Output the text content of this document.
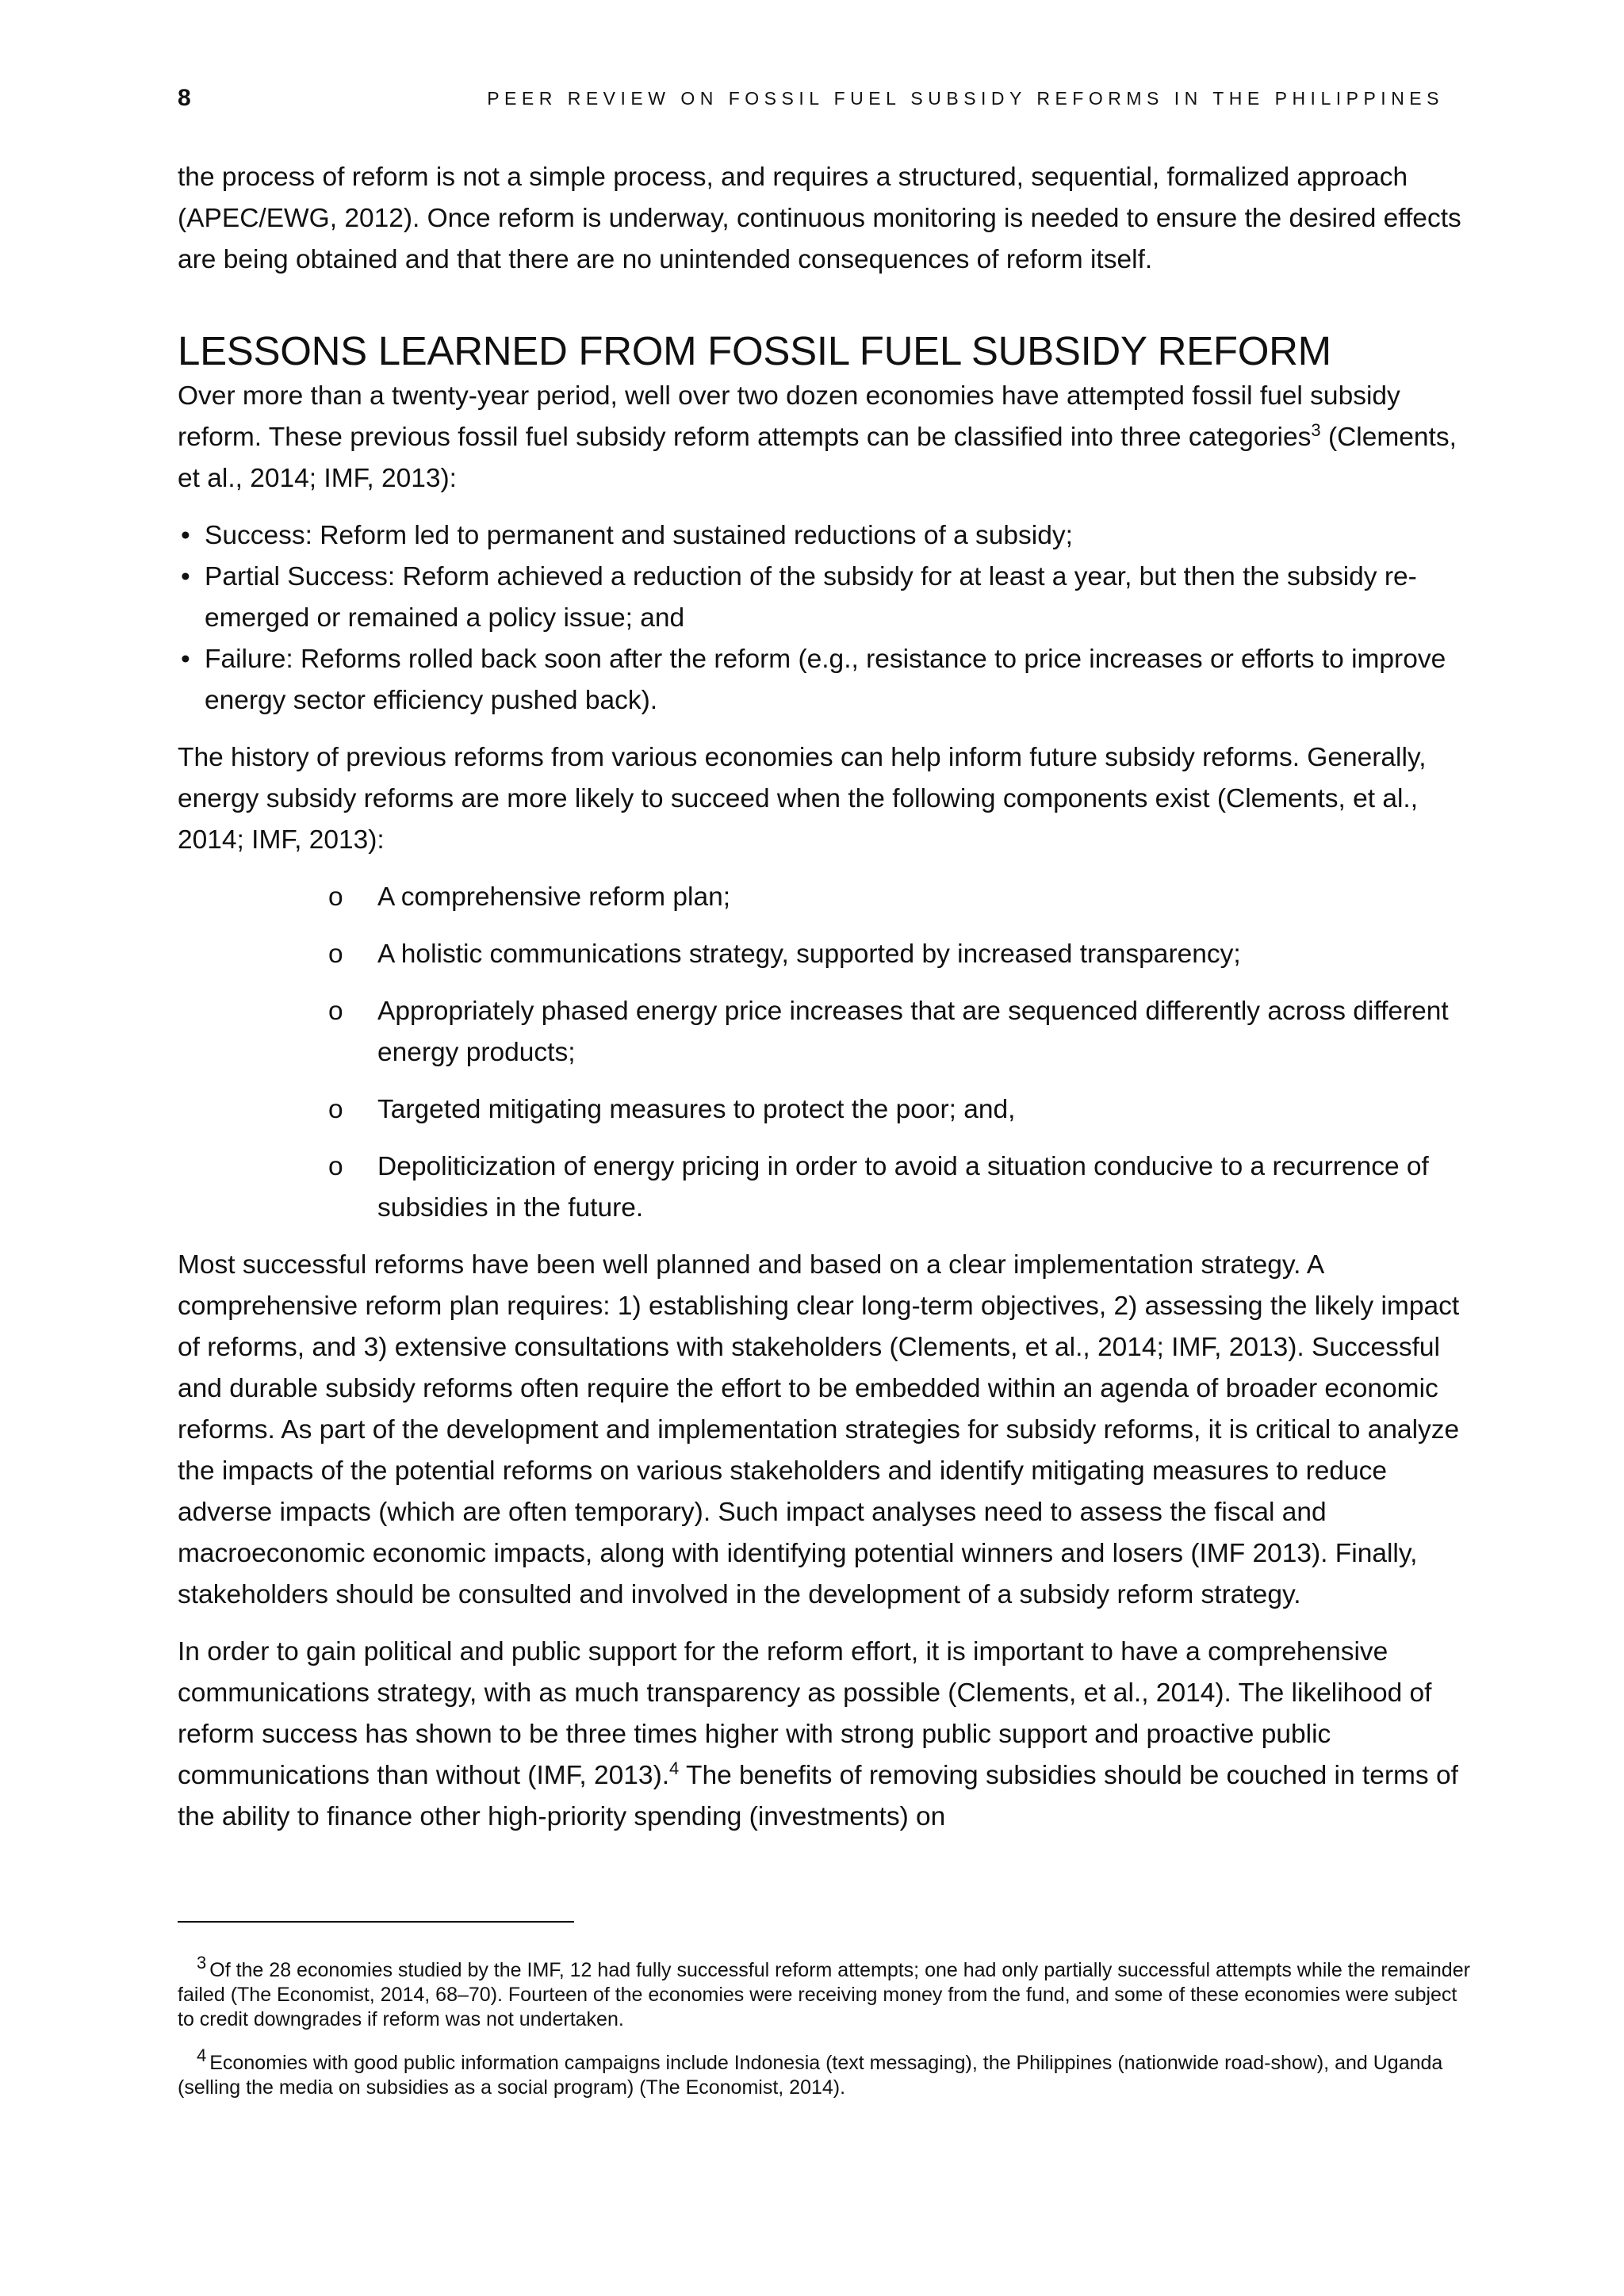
8	PEER REVIEW ON FOSSIL FUEL SUBSIDY REFORMS IN THE PHILIPPINES

the process of reform is not a simple process, and requires a structured, sequential, formalized approach (APEC/EWG, 2012). Once reform is underway, continuous monitoring is needed to ensure the desired effects are being obtained and that there are no unintended consequences of reform itself.

LESSONS LEARNED FROM FOSSIL FUEL SUBSIDY REFORM

Over more than a twenty-year period, well over two dozen economies have attempted fossil fuel subsidy reform. These previous fossil fuel subsidy reform attempts can be classified into three categories$^3$ (Clements, et al., 2014; IMF, 2013):

• Success: Reform led to permanent and sustained reductions of a subsidy;
• Partial Success: Reform achieved a reduction of the subsidy for at least a year, but then the subsidy re-emerged or remained a policy issue; and
• Failure: Reforms rolled back soon after the reform (e.g., resistance to price increases or efforts to improve energy sector efficiency pushed back).

The history of previous reforms from various economies can help inform future subsidy reforms. Generally, energy subsidy reforms are more likely to succeed when the following components exist (Clements, et al., 2014; IMF, 2013):

o A comprehensive reform plan;
o A holistic communications strategy, supported by increased transparency;
o Appropriately phased energy price increases that are sequenced differently across different energy products;
o Targeted mitigating measures to protect the poor; and,
o Depoliticization of energy pricing in order to avoid a situation conducive to a recurrence of subsidies in the future.

Most successful reforms have been well planned and based on a clear implementation strategy. A comprehensive reform plan requires: 1) establishing clear long-term objectives, 2) assessing the likely impact of reforms, and 3) extensive consultations with stakeholders (Clements, et al., 2014; IMF, 2013). Successful and durable subsidy reforms often require the effort to be embedded within an agenda of broader economic reforms. As part of the development and implementation strategies for subsidy reforms, it is critical to analyze the impacts of the potential reforms on various stakeholders and identify mitigating measures to reduce adverse impacts (which are often temporary). Such impact analyses need to assess the fiscal and macroeconomic economic impacts, along with identifying potential winners and losers (IMF 2013). Finally, stakeholders should be consulted and involved in the development of a subsidy reform strategy.

In order to gain political and public support for the reform effort, it is important to have a comprehensive communications strategy, with as much transparency as possible (Clements, et al., 2014). The likelihood of reform success has shown to be three times higher with strong public support and proactive public communications than without (IMF, 2013).$^4$ The benefits of removing subsidies should be couched in terms of the ability to finance other high-priority spending (investments) on

$^3$ Of the 28 economies studied by the IMF, 12 had fully successful reform attempts; one had only partially successful attempts while the remainder failed (The Economist, 2014, 68–70). Fourteen of the economies were receiving money from the fund, and some of these economies were subject to credit downgrades if reform was not undertaken.

$^4$ Economies with good public information campaigns include Indonesia (text messaging), the Philippines (nationwide road-show), and Uganda (selling the media on subsidies as a social program) (The Economist, 2014).
